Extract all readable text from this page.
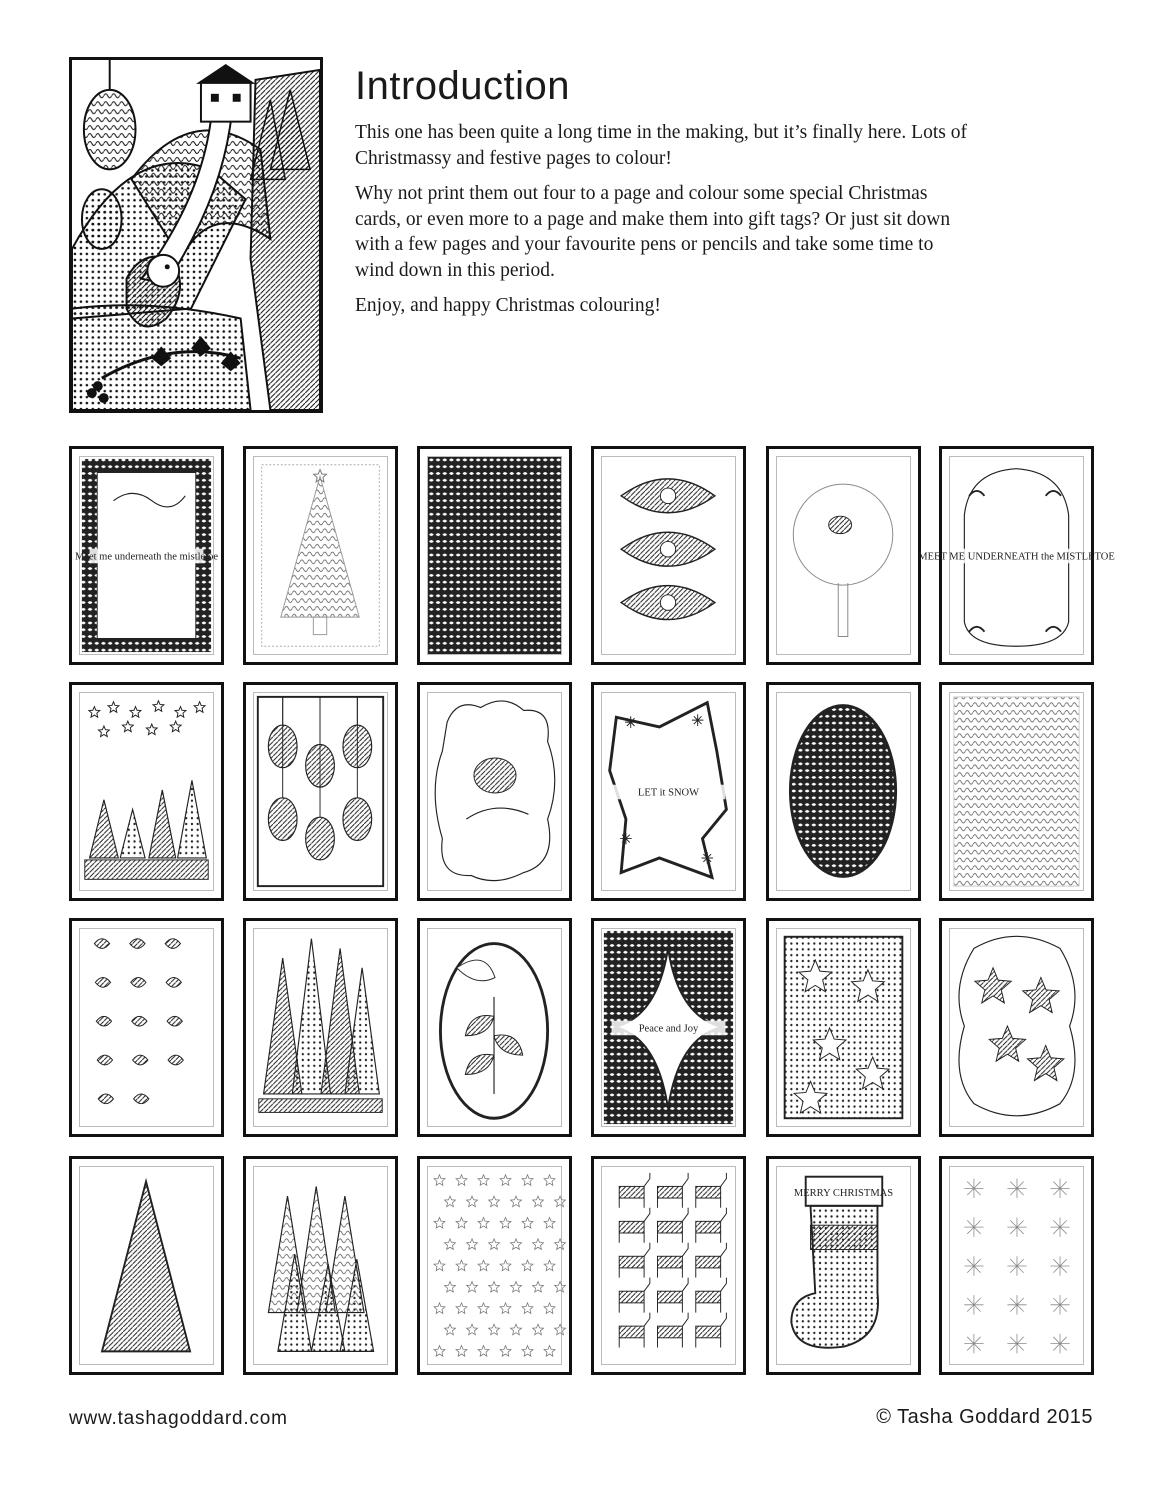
Introduction

This one has been quite a long time in the making, but it’s finally here. Lots of Christmassy and festive pages to colour!

Why not print them out four to a page and colour some special Christmas cards, or even more to a page and make them into gift tags? Or just sit down with a few pages and your favourite pens or pencils and take some time to wind down in this period.

Enjoy, and happy Christmas colouring!

Meet me underneath the mistletoe	MEET ME UNDERNEATH the MISTLETOE
LET it SNOW
Peace and Joy
MERRY CHRISTMAS
www.tashagoddard.com	© Tasha Goddard 2015
